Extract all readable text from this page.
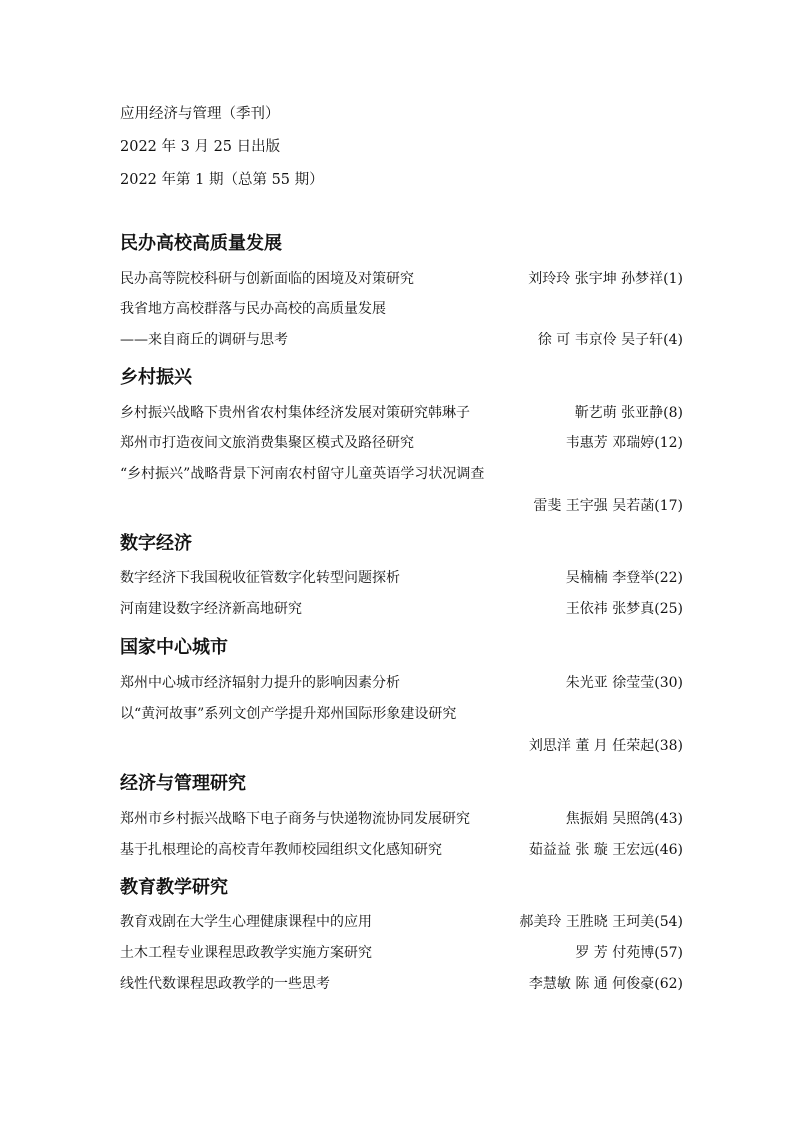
应用经济与管理（季刊）
2022 年 3 月 25 日出版
2022 年第 1 期（总第 55 期）
民办高校高质量发展
民办高等院校科研与创新面临的困境及对策研究	刘玲玲 张宇坤 孙梦祥(1)
我省地方高校群落与民办高校的高质量发展
——来自商丘的调研与思考	徐 可 韦京伶 吴子轩(4)
乡村振兴
乡村振兴战略下贵州省农村集体经济发展对策研究韩琳子	靳艺萌 张亚静(8)
郑州市打造夜间文旅消费集聚区模式及路径研究	韦惠芳 邓瑞婷(12)
“乡村振兴”战略背景下河南农村留守儿童英语学习状况调查
雷斐 王宇强 吴若菡(17)
数字经济
数字经济下我国税收征管数字化转型问题探析	吴楠楠 李登举(22)
河南建设数字经济新高地研究	王依祎 张梦真(25)
国家中心城市
郑州中心城市经济辐射力提升的影响因素分析	朱光亚 徐莹莹(30)
以“黄河故事”系列文创产学提升郑州国际形象建设研究
刘思洋 董 月 任荣起(38)
经济与管理研究
郑州市乡村振兴战略下电子商务与快递物流协同发展研究	焦振娟 吴照鸽(43)
基于扎根理论的高校青年教师校园组织文化感知研究	茹益益 张 璇 王宏远(46)
教育教学研究
教育戏剧在大学生心理健康课程中的应用	郝美玲 王胜晓 王珂美(54)
土木工程专业课程思政教学实施方案研究	罗 芳 付苑博(57)
线性代数课程思政教学的一些思考	李慧敏 陈 通 何俊豪(62)
